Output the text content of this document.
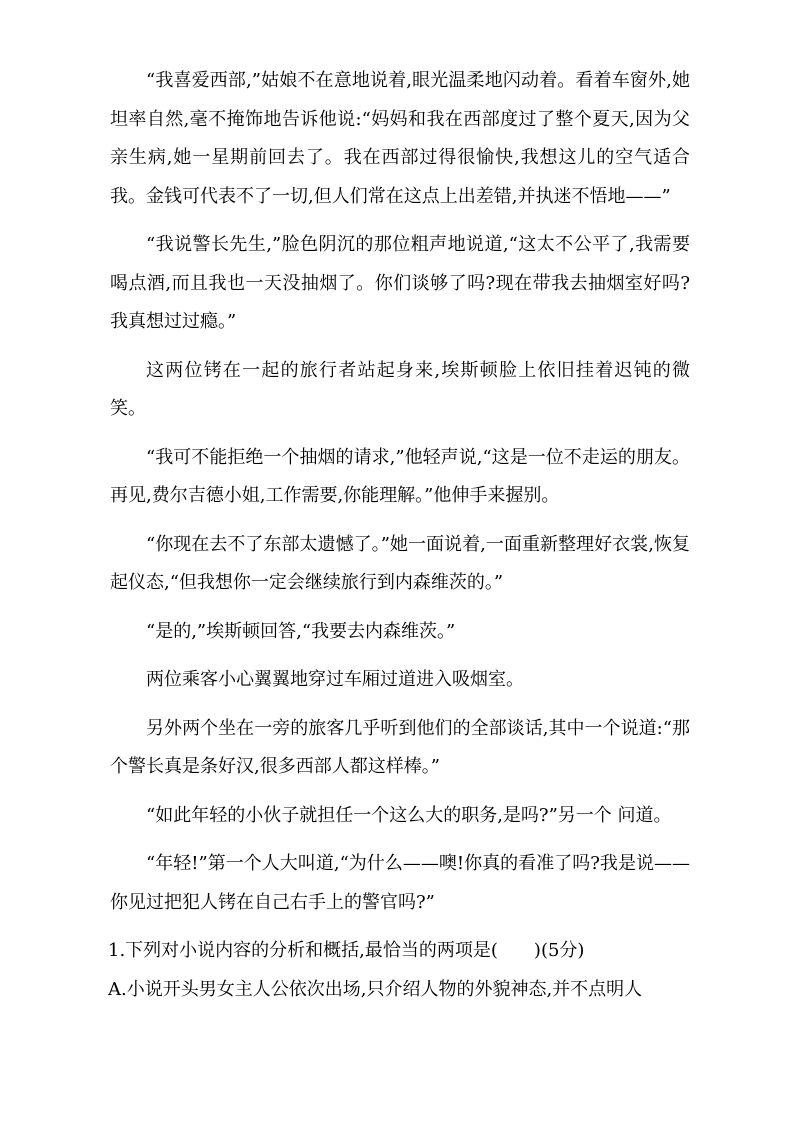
“我喜爱西部,”姑娘不在意地说着,眼光温柔地闪动着。看着车窗外,她坦率自然,毫不掩饰地告诉他说:“妈妈和我在西部度过了整个夏天,因为父亲生病,她一星期前回去了。我在西部过得很愉快,我想这儿的空气适合我。金钱可代表不了一切,但人们常在这点上出差错,并执迷不悟地——”

“我说警长先生,”脸色阴沉的那位粗声地说道,“这太不公平了,我需要喝点酒,而且我也一天没抽烟了。你们谈够了吗?现在带我去抽烟室好吗?我真想过过瘾。”

这两位铐在一起的旅行者站起身来,埃斯顿脸上依旧挂着迟钝的微笑。

“我可不能拒绝一个抽烟的请求,”他轻声说,“这是一位不走运的朋友。再见,费尔吉德小姐,工作需要,你能理解。”他伸手来握别。

“你现在去不了东部太遗憾了。”她一面说着,一面重新整理好衣裳,恢复起仪态,“但我想你一定会继续旅行到内森维茨的。”

“是的,”埃斯顿回答,“我要去内森维茨。”

两位乘客小心翼翼地穿过车厢过道进入吸烟室。

另外两个坐在一旁的旅客几乎听到他们的全部谈话,其中一个说道:“那个警长真是条好汉,很多西部人都这样棒。”

“如此年轻的小伙子就担任一个这么大的职务,是吗?”另一个 问道。

“年轻!”第一个人大叫道,“为什么——噢!你真的看准了吗?我是说——你见过把犯人铐在自己右手上的警官吗?”

1.下列对小说内容的分析和概括,最恰当的两项是(　　)(5分)

A.小说开头男女主人公依次出场,只介绍人物的外貌神态,并不点明人
